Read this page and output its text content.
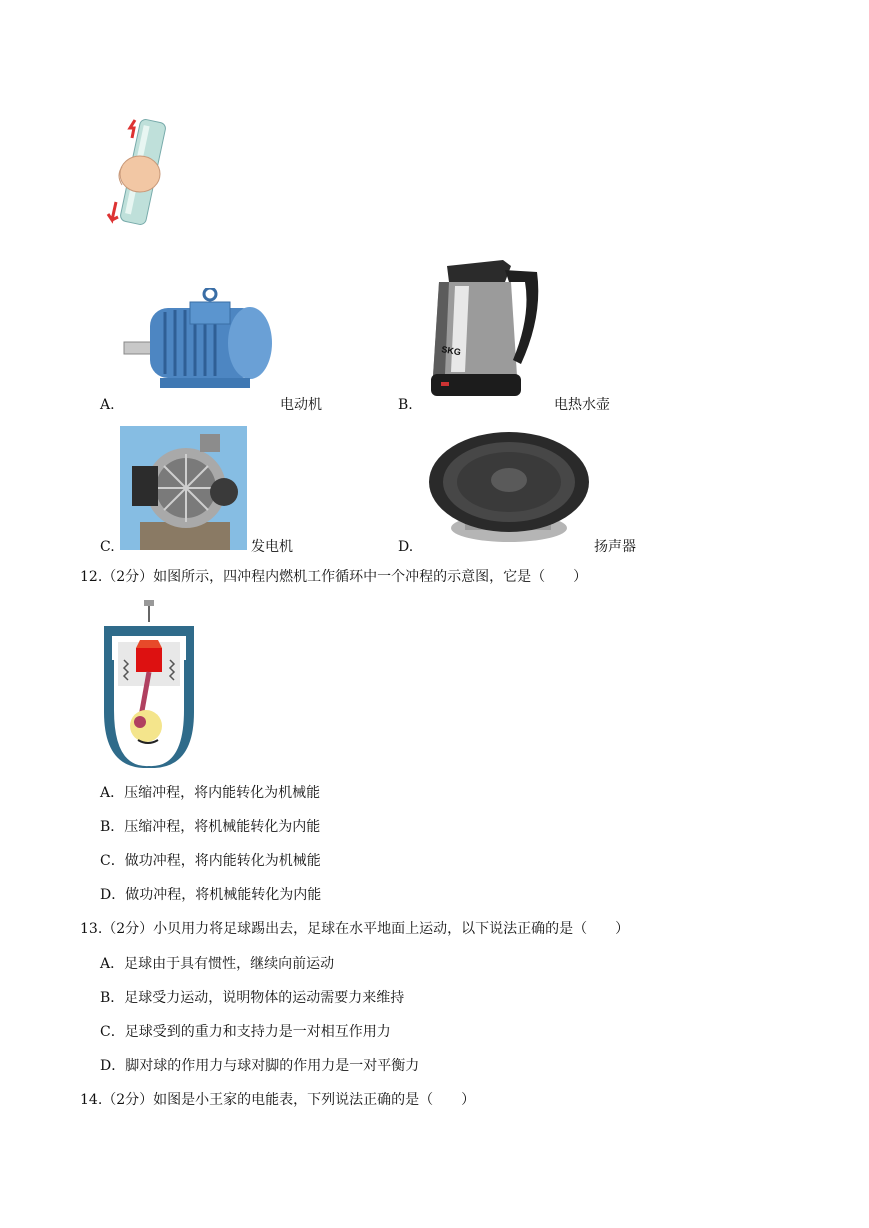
A.	电动机	B.
SKG
电热水壶
C.	发电机	D.	扬声器
12.（2分）如图所示，四冲程内燃机工作循环中一个冲程的示意图，它是（　　）
A．压缩冲程，将内能转化为机械能
B．压缩冲程，将机械能转化为内能
C．做功冲程，将内能转化为机械能
D．做功冲程，将机械能转化为内能
13.（2分）小贝用力将足球踢出去，足球在水平地面上运动，以下说法正确的是（　　）
A．足球由于具有惯性，继续向前运动
B．足球受力运动，说明物体的运动需要力来维持
C．足球受到的重力和支持力是一对相互作用力
D．脚对球的作用力与球对脚的作用力是一对平衡力
14.（2分）如图是小王家的电能表，下列说法正确的是（　　）
